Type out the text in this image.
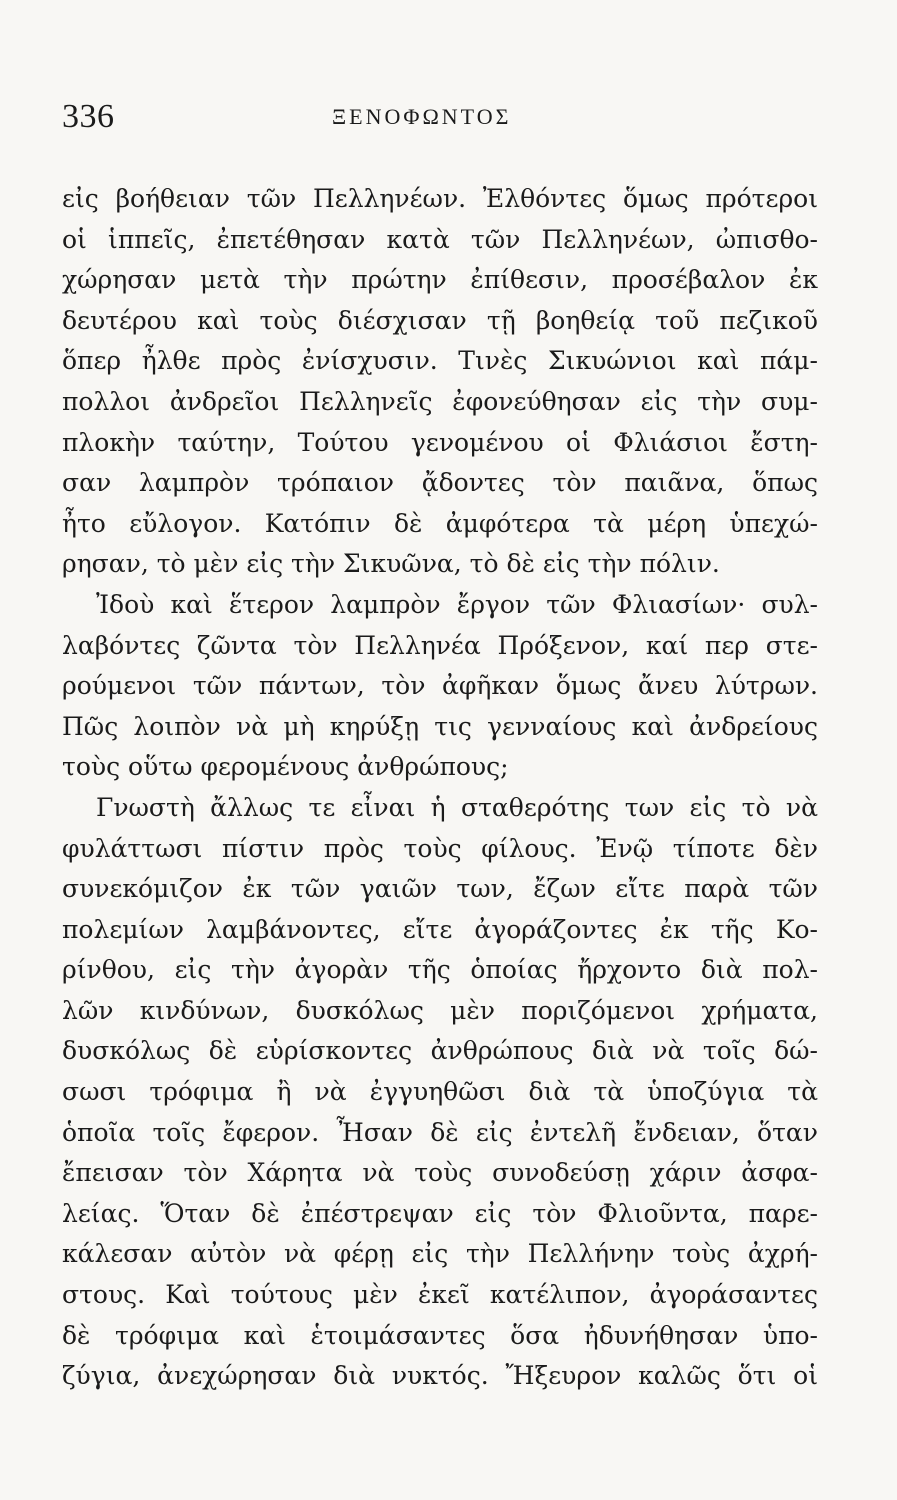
336	ΞΕΝΟΦΩΝΤΟΣ
εἰς βοήθειαν τῶν Πελληνέων. Ἐλθόντες ὅμως πρότεροι
οἱ ἱππεῖς, ἐπετέθησαν κατὰ τῶν Πελληνέων, ὠπισθο-
χώρησαν μετὰ τὴν πρώτην ἐπίθεσιν, προσέβαλον ἐκ
δευτέρου καὶ τοὺς διέσχισαν τῇ βοηθείᾳ τοῦ πεζικοῦ
ὅπερ ἦλθε πρὸς ἐνίσχυσιν. Τινὲς Σικυώνιοι καὶ πάμ-
πολλοι ἀνδρεῖοι Πελληνεῖς ἐφονεύθησαν εἰς τὴν συμ-
πλοκὴν ταύτην, Τούτου γενομένου οἱ Φλιάσιοι ἔστη-
σαν λαμπρὸν τρόπαιον ᾄδοντες τὸν παιᾶνα, ὅπως
ἦτο εὔλογον. Κατόπιν δὲ ἀμφότερα τὰ μέρη ὑπεχώ-
ρησαν, τὸ μὲν εἰς τὴν Σικυῶνα, τὸ δὲ εἰς τὴν πόλιν.
Ἰδοὺ καὶ ἕτερον λαμπρὸν ἔργον τῶν Φλιασίων· συλ-
λαβόντες ζῶντα τὸν Πελληνέα Πρόξενον, καί περ στε-
ρούμενοι τῶν πάντων, τὸν ἀφῆκαν ὅμως ἄνευ λύτρων.
Πῶς λοιπὸν νὰ μὴ κηρύξῃ τις γενναίους καὶ ἀνδρείους
τοὺς οὕτω φερομένους ἀνθρώπους;
Γνωστὴ ἄλλως τε εἶναι ἡ σταθερότης των εἰς τὸ νὰ
φυλάττωσι πίστιν πρὸς τοὺς φίλους. Ἐνῷ τίποτε δὲν
συνεκόμιζον ἐκ τῶν γαιῶν των, ἔζων εἴτε παρὰ τῶν
πολεμίων λαμβάνοντες, εἴτε ἀγοράζοντες ἐκ τῆς Κο-
ρίνθου, εἰς τὴν ἀγορὰν τῆς ὁποίας ἤρχοντο διὰ πολ-
λῶν κινδύνων, δυσκόλως μὲν ποριζόμενοι χρήματα,
δυσκόλως δὲ εὑρίσκοντες ἀνθρώπους διὰ νὰ τοῖς δώ-
σωσι τρόφιμα ἢ νὰ ἐγγυηθῶσι διὰ τὰ ὑποζύγια τὰ
ὁποῖα τοῖς ἔφερον. Ἦσαν δὲ εἰς ἐντελῆ ἔνδειαν, ὅταν
ἔπεισαν τὸν Χάρητα νὰ τοὺς συνοδεύσῃ χάριν ἀσφα-
λείας. Ὅταν δὲ ἐπέστρεψαν εἰς τὸν Φλιοῦντα, παρε-
κάλεσαν αὐτὸν νὰ φέρῃ εἰς τὴν Πελλήνην τοὺς ἀχρή-
στους. Καὶ τούτους μὲν ἐκεῖ κατέλιπον, ἀγοράσαντες
δὲ τρόφιμα καὶ ἑτοιμάσαντες ὅσα ἠδυνήθησαν ὑπο-
ζύγια, ἀνεχώρησαν διὰ νυκτός. Ἤξευρον καλῶς ὅτι οἱ
